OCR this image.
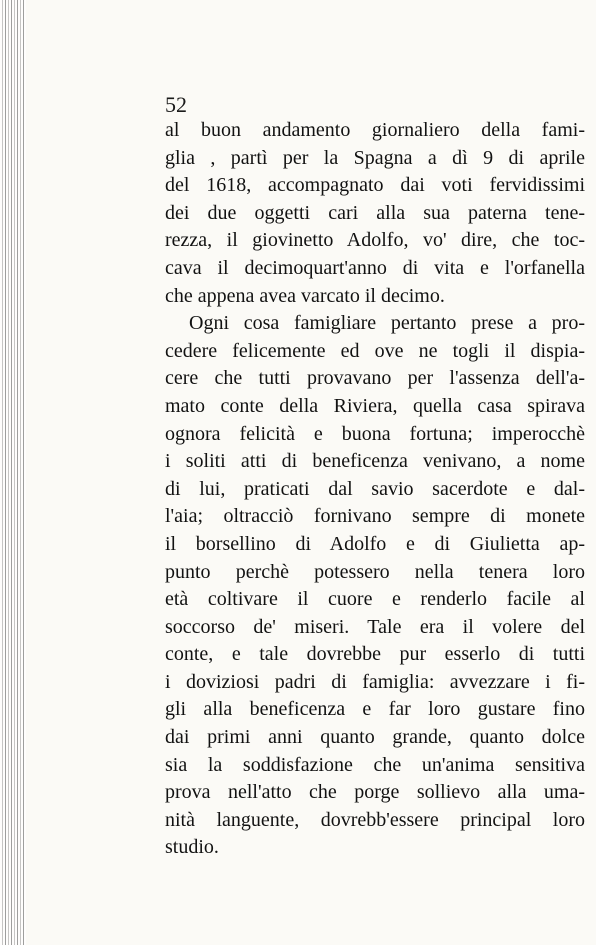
52

al buon andamento giornaliero della fami-
glia , partì per la Spagna a dì 9 di aprile
del 1618, accompagnato dai voti fervidissimi
dei due oggetti cari alla sua paterna tene-
rezza, il giovinetto Adolfo, vo' dire, che toc-
cava il decimoquart'anno di vita e l'orfanella
che appena avea varcato il decimo.

Ogni cosa famigliare pertanto prese a pro-
cedere felicemente ed ove ne togli il dispia-
cere che tutti provavano per l'assenza dell'a-
mato conte della Riviera, quella casa spirava
ognora felicità e buona fortuna; imperocchè
i soliti atti di beneficenza venivano, a nome
di lui, praticati dal savio sacerdote e dal-
l'aia; oltracciò fornivano sempre di monete
il borsellino di Adolfo e di Giulietta ap-
punto perchè potessero nella tenera loro
età coltivare il cuore e renderlo facile al
soccorso de' miseri. Tale era il volere del
conte, e tale dovrebbe pur esserlo di tutti
i doviziosi padri di famiglia: avvezzare i fi-
gli alla beneficenza e far loro gustare fino
dai primi anni quanto grande, quanto dolce
sia la soddisfazione che un'anima sensitiva
prova nell'atto che porge sollievo alla uma-
nità languente, dovrebb'essere principal loro
studio.
